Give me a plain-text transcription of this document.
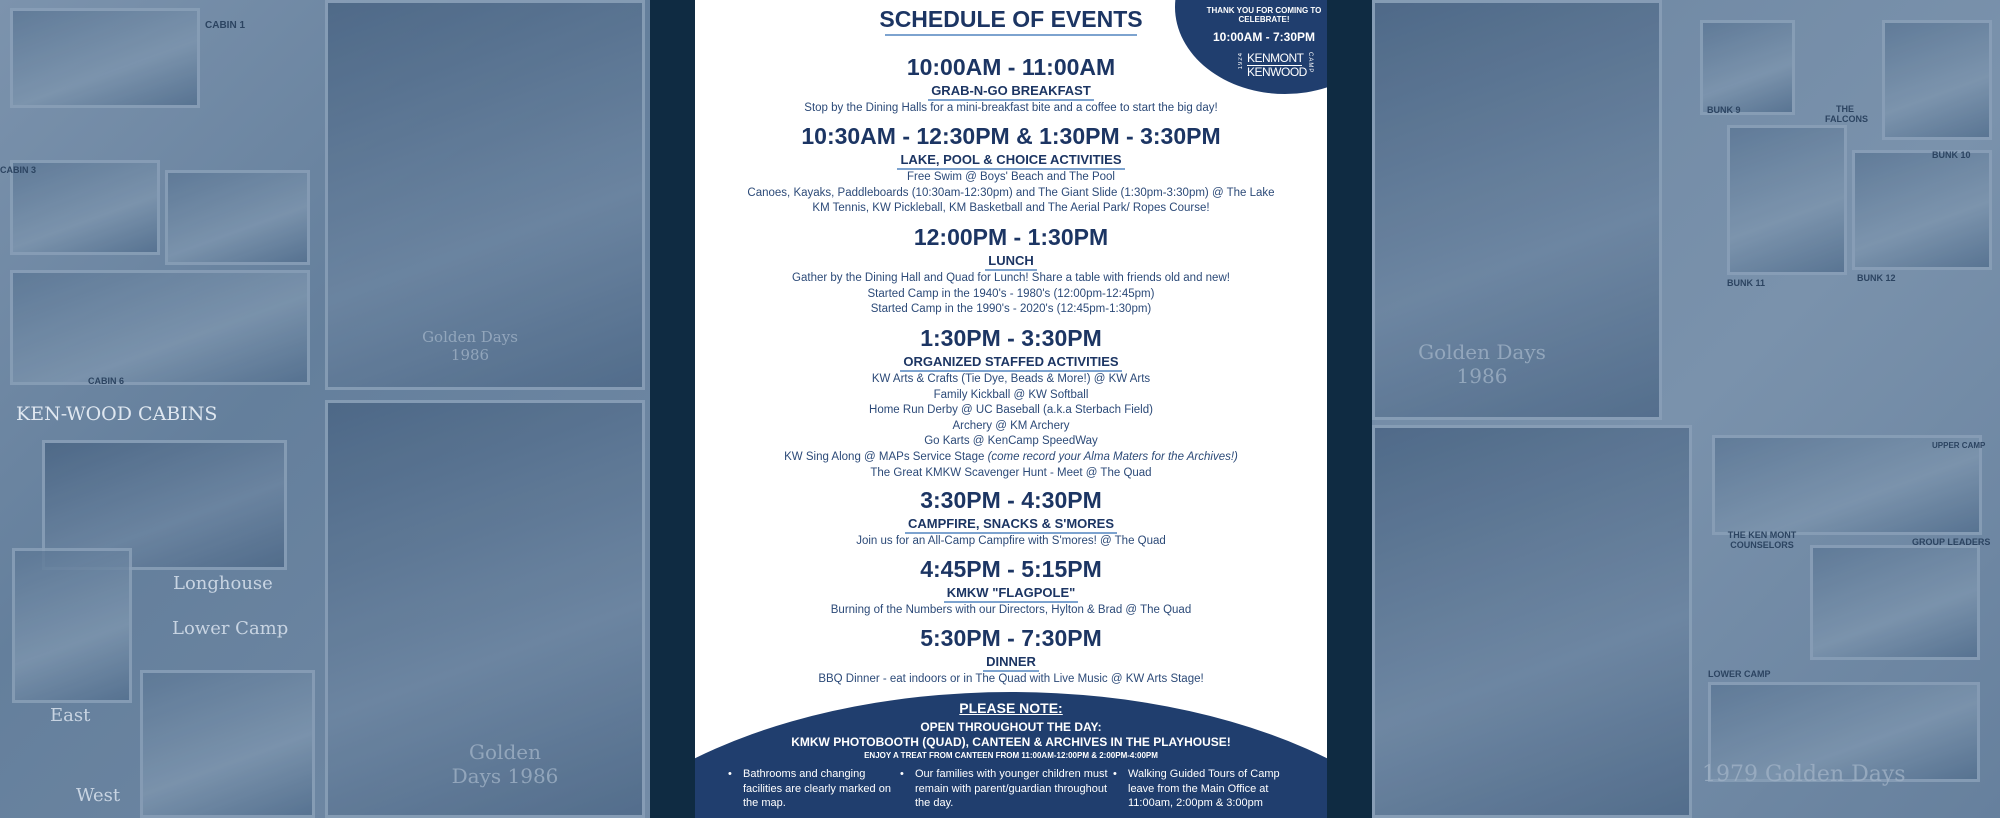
CABIN 1
CABIN 3
CABIN 6
KEN-WOOD CABINS
Golden Days 1986
Longhouse
Lower Camp
East
West
Golden Days 1986
BUNK 9	THE FALCONS
BUNK 10
BUNK 11	BUNK 12
Golden Days 1986
THE KEN MONT COUNSELORS
UPPER CAMP
GROUP LEADERS
LOWER CAMP
1979 Golden Days
THANK YOU FOR COMING TO CELEBRATE!
10:00AM - 7:30PM
1924 KENMONT
KENWOOD CAMP
SCHEDULE OF EVENTS
10:00AM - 11:00AM
GRAB-N-GO BREAKFAST
Stop by the Dining Halls for a mini-breakfast bite and a coffee to start the big day!
10:30AM - 12:30PM & 1:30PM - 3:30PM
LAKE, POOL & CHOICE ACTIVITIES
Free Swim @ Boys' Beach and The Pool
Canoes, Kayaks, Paddleboards (10:30am-12:30pm) and The Giant Slide (1:30pm-3:30pm) @ The Lake
KM Tennis, KW Pickleball, KM Basketball and The Aerial Park/ Ropes Course!
12:00PM - 1:30PM
LUNCH
Gather by the Dining Hall and Quad for Lunch! Share a table with friends old and new!
Started Camp in the 1940's - 1980's (12:00pm-12:45pm)
Started Camp in the 1990's - 2020's (12:45pm-1:30pm)
1:30PM - 3:30PM
ORGANIZED STAFFED ACTIVITIES
KW Arts & Crafts (Tie Dye, Beads & More!) @ KW Arts
Family Kickball @ KW Softball
Home Run Derby @ UC Baseball (a.k.a Sterbach Field)
Archery @ KM Archery
Go Karts @ KenCamp SpeedWay
KW Sing Along @ MAPs Service Stage (come record your Alma Maters for the Archives!)
The Great KMKW Scavenger Hunt - Meet @ The Quad
3:30PM - 4:30PM
CAMPFIRE, SNACKS & S'MORES
Join us for an All-Camp Campfire with S'mores! @ The Quad
4:45PM - 5:15PM
KMKW "FLAGPOLE"
Burning of the Numbers with our Directors, Hylton & Brad @ The Quad
5:30PM - 7:30PM
DINNER
BBQ Dinner - eat indoors or in The Quad with Live Music @ KW Arts Stage!
PLEASE NOTE:
OPEN THROUGHOUT THE DAY:
KMKW PHOTOBOOTH (QUAD), CANTEEN & ARCHIVES IN THE PLAYHOUSE!
ENJOY A TREAT FROM CANTEEN FROM 11:00AM-12:00PM & 2:00PM-4:00PM
• Bathrooms and changing facilities are clearly marked on the map.
• Our families with younger children must remain with parent/guardian throughout the day.
• Walking Guided Tours of Camp leave from the Main Office at 11:00am, 2:00pm & 3:00pm
